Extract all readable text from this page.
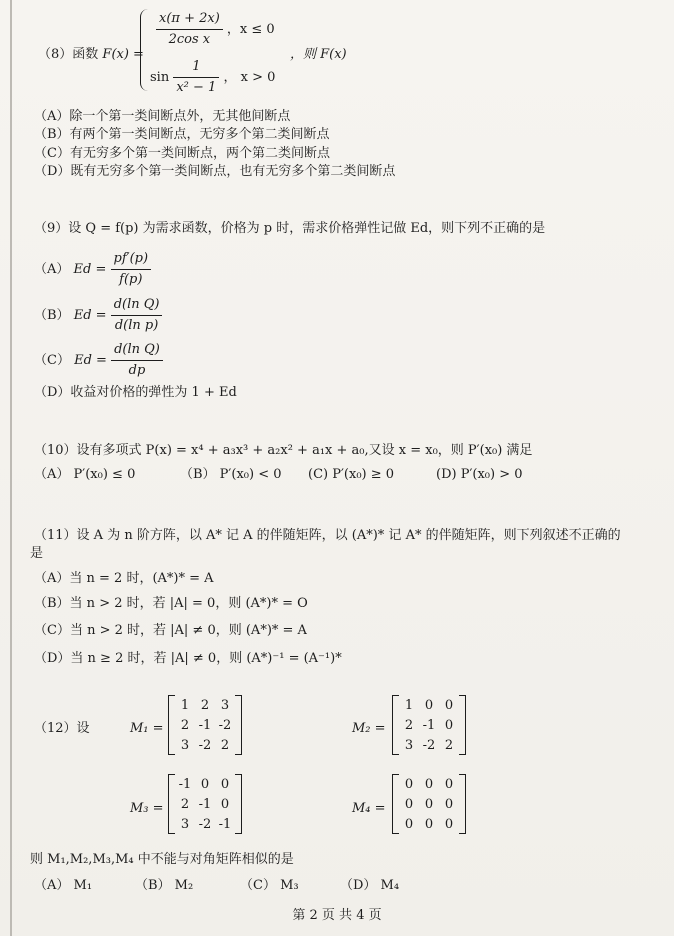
（8）函数 F(x) =
$\frac{x(\pi + 2x)}{\text{2cos x}}$ ，x ≤ 0
$\sin \frac{1}{\text{x² − 1}}$ ， x > 0
，则 F(x)
（A）除一个第一类间断点外，无其他间断点
（B）有两个第一类间断点，无穷多个第二类间断点
（C）有无穷多个第一类间断点，两个第二类间断点
（D）既有无穷多个第一类间断点，也有无穷多个第二类间断点
（9）设 Q = f(p) 为需求函数，价格为 p 时，需求价格弹性记做 Ed，则下列不正确的是
（A） $Ed = \frac{pf'(p)}{f(p)}$
（B） $Ed = \frac{\text{d(ln Q)}}{\text{d(ln p)}}$
（C） $Ed = \frac{\text{d(ln Q)}}{dp}$
（D）收益对价格的弹性为 1 + Ed
（10）设有多项式 P(x) = x⁴ + a₃x³ + a₂x² + a₁x + a₀,又设 x = x₀，则 P′(x₀) 满足
（A） P′(x₀) ≤ 0	（B） P′(x₀) < 0 (C) P′(x₀) ≥ 0	(D) P′(x₀) > 0
（11）设 A 为 n 阶方阵，以 A* 记 A 的伴随矩阵，以 (A*)* 记 A* 的伴随矩阵，则下列叙述不正确的
是
（A）当 n = 2 时，(A*)* = A
（B）当 n > 2 时，若 |A| = 0，则 (A*)* = O
（C）当 n > 2 时，若 |A| ≠ 0，则 (A*)* = A
（D）当 n ≥ 2 时，若 |A| ≠ 0，则 (A*)⁻¹ = (A⁻¹)*
（12）设	M₁ =
1	2	3
2	-1	-2
3	-2	2
M₂ =
1	0	0
2	-1	0
3	-2	2
M₃ =
-1	0	0
2	-1	0
3	-2	-1
M₄ =
0	0	0
0	0	0
0	0	0
则 M₁,M₂,M₃,M₄ 中不能与对角矩阵相似的是
（A） M₁	（B） M₂	（C） M₃	（D） M₄
第 2 页 共 4 页
